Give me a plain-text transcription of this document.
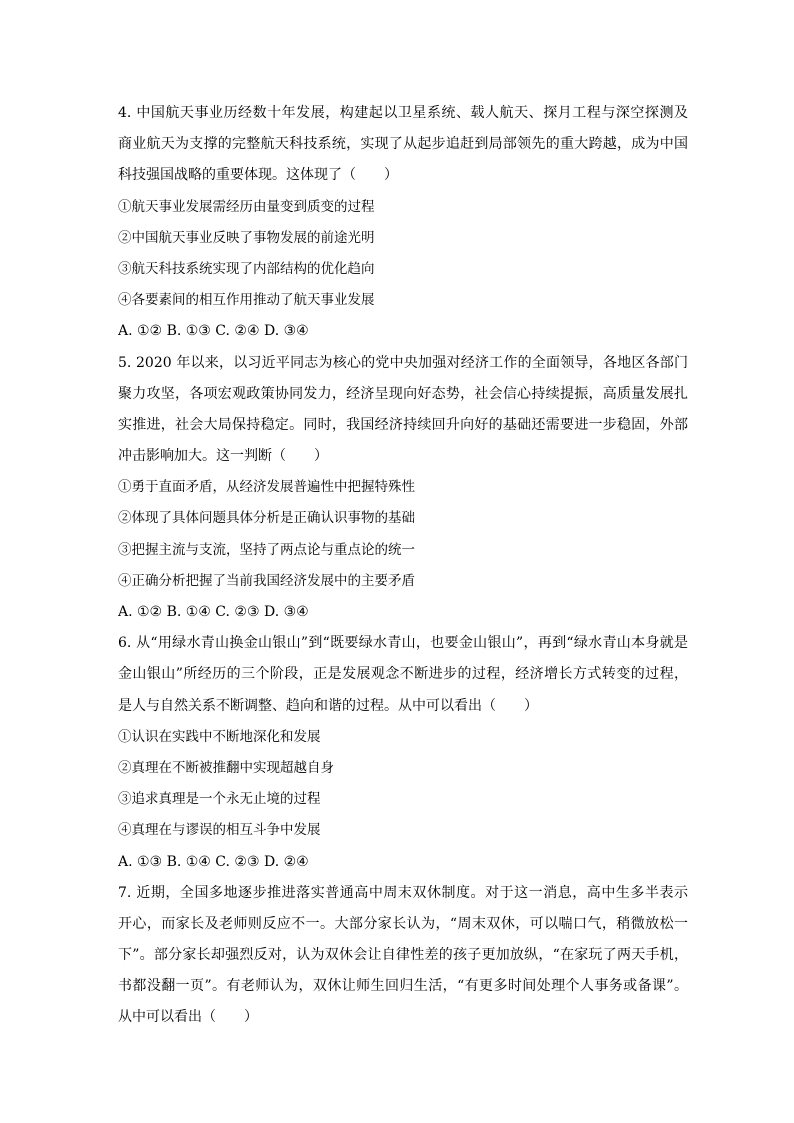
4. 中国航天事业历经数十年发展，构建起以卫星系统、载人航天、探月工程与深空探测及
商业航天为支撑的完整航天科技系统，实现了从起步追赶到局部领先的重大跨越，成为中国
科技强国战略的重要体现。这体现了（　　）
①航天事业发展需经历由量变到质变的过程
②中国航天事业反映了事物发展的前途光明
③航天科技系统实现了内部结构的优化趋向
④各要素间的相互作用推动了航天事业发展
A. ①② B. ①③ C. ②④ D. ③④
5. 2020 年以来，以习近平同志为核心的党中央加强对经济工作的全面领导，各地区各部门
聚力攻坚，各项宏观政策协同发力，经济呈现向好态势，社会信心持续提振，高质量发展扎
实推进，社会大局保持稳定。同时，我国经济持续回升向好的基础还需要进一步稳固，外部
冲击影响加大。这一判断（　　）
①勇于直面矛盾，从经济发展普遍性中把握特殊性
②体现了具体问题具体分析是正确认识事物的基础
③把握主流与支流，坚持了两点论与重点论的统一
④正确分析把握了当前我国经济发展中的主要矛盾
A. ①② B. ①④ C. ②③ D. ③④
6. 从“用绿水青山换金山银山”到“既要绿水青山，也要金山银山”，再到“绿水青山本身就是
金山银山”所经历的三个阶段，正是发展观念不断进步的过程，经济增长方式转变的过程，
是人与自然关系不断调整、趋向和谐的过程。从中可以看出（　　）
①认识在实践中不断地深化和发展
②真理在不断被推翻中实现超越自身
③追求真理是一个永无止境的过程
④真理在与谬误的相互斗争中发展
A. ①③ B. ①④ C. ②③ D. ②④
7. 近期，全国多地逐步推进落实普通高中周末双休制度。对于这一消息，高中生多半表示
开心，而家长及老师则反应不一。大部分家长认为，“周末双休，可以喘口气，稍微放松一
下”。部分家长却强烈反对，认为双休会让自律性差的孩子更加放纵，“在家玩了两天手机，
书都没翻一页”。有老师认为，双休让师生回归生活，“有更多时间处理个人事务或备课”。
从中可以看出（　　）
